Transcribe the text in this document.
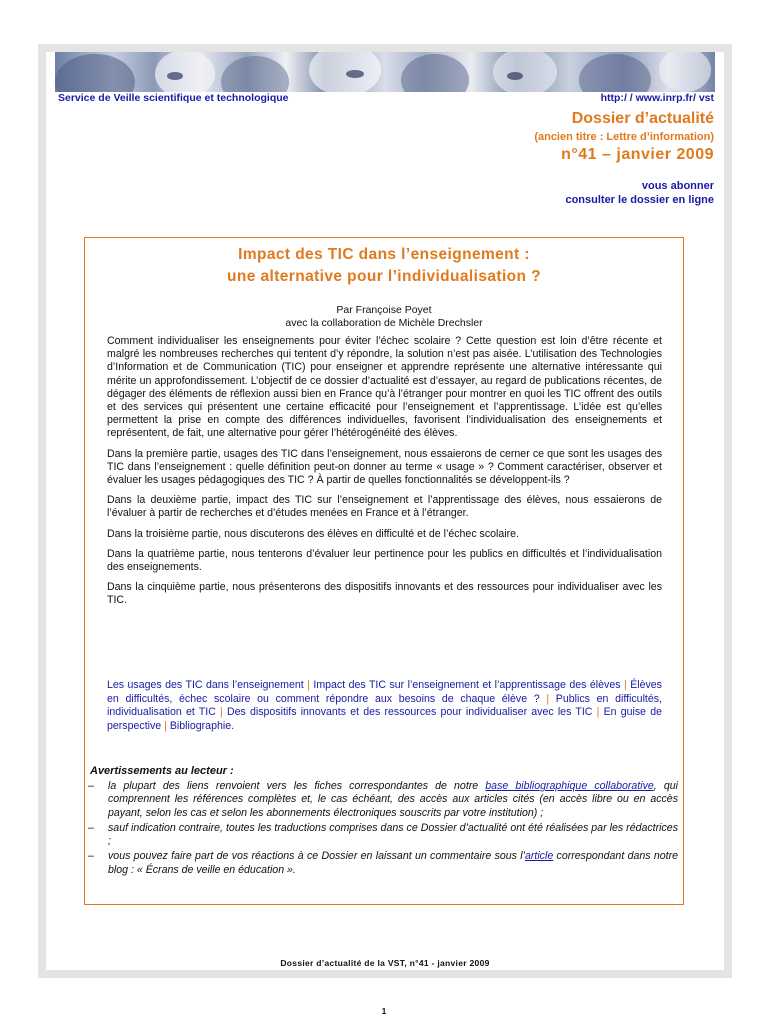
Service de Veille scientifique et technologique	http:/ / www.inrp.fr/ vst
Dossier d’actualité
(ancien titre : Lettre d’information)
n°41 – janvier 2009
vous abonner
consulter le dossier en ligne
Impact des TIC dans l’enseignement :
une alternative pour l’individualisation ?
Par Françoise Poyet
avec la collaboration de Michèle Drechsler

Comment individualiser les enseignements pour éviter l’échec scolaire ? Cette question est loin d’être récente et malgré les nombreuses recherches qui tentent d’y répondre, la solution n’est pas aisée. L’utilisation des Technologies d’Information et de Communication (TIC) pour enseigner et apprendre représente une alternative intéressante qui mérite un approfondissement. L’objectif de ce dossier d’actualité est d’essayer, au regard de publications récentes, de dégager des éléments de réflexion aussi bien en France qu’à l’étranger pour montrer en quoi les TIC offrent des outils et des services qui présentent une certaine efficacité pour l’enseignement et l’apprentissage. L’idée est qu’elles permettent la prise en compte des différences individuelles, favorisent l’individualisation des enseignements et représentent, de fait, une alternative pour gérer l’hétérogénéité des élèves.

Dans la première partie, usages des TIC dans l’enseignement, nous essaierons de cerner ce que sont les usages des TIC dans l’enseignement : quelle définition peut-on donner au terme « usage » ? Comment caractériser, observer et évaluer les usages pédagogiques des TIC ? À partir de quelles fonctionnalités se développent-ils ?

Dans la deuxième partie, impact des TIC sur l’enseignement et l’apprentissage des élèves, nous essaierons de l’évaluer à partir de recherches et d’études menées en France et à l’étranger.

Dans la troisième partie, nous discuterons des élèves en difficulté et de l’échec scolaire.

Dans la quatrième partie, nous tenterons d’évaluer leur pertinence pour les publics en difficultés et l’individualisation des enseignements.

Dans la cinquième partie, nous présenterons des dispositifs innovants et des ressources pour individualiser avec les TIC.

Les usages des TIC dans l’enseignement | Impact des TIC sur l’enseignement et l’apprentissage des élèves | Élèves en difficultés, échec scolaire ou comment répondre aux besoins de chaque élève ? | Publics en difficultés, individualisation et TIC | Des dispositifs innovants et des ressources pour individualiser avec les TIC | En guise de perspective | Bibliographie.
Avertissements au lecteur :
– la plupart des liens renvoient vers les fiches correspondantes de notre base bibliographique collaborative, qui comprennent les références complètes et, le cas échéant, des accès aux articles cités (en accès libre ou en accès payant, selon les cas et selon les abonnements électroniques souscrits par votre institution) ;
– sauf indication contraire, toutes les traductions comprises dans ce Dossier d’actualité ont été réalisées par les rédactrices ;
– vous pouvez faire part de vos réactions à ce Dossier en laissant un commentaire sous l’article correspondant dans notre blog : « Écrans de veille en éducation ».
Dossier d’actualité de la VST, n°41 - janvier 2009
1
